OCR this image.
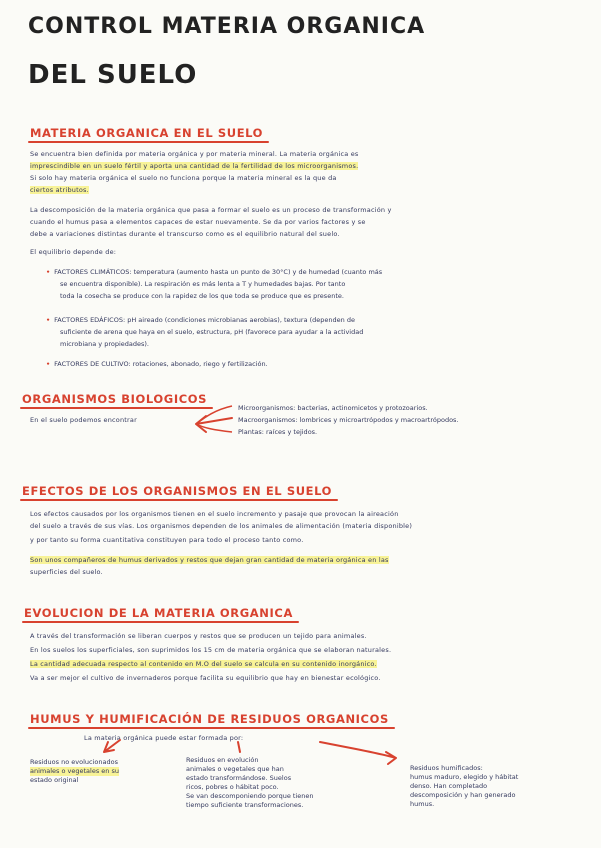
CONTROL MATERIA ORGANICA
DEL SUELO
MATERIA ORGANICA EN EL SUELO
Se encuentra bien definida por materia orgánica y por materia mineral. La materia orgánica es
imprescindible en un suelo fértil y aporta una cantidad de la fertilidad de los microorganismos.
Si solo hay materia orgánica el suelo no funciona porque la materia mineral es la que da
ciertos atributos.
La descomposición de la materia orgánica que pasa a formar el suelo es un proceso de transformación y
cuando el humus pasa a elementos capaces de estar nuevamente. Se da por varios factores y se
debe a variaciones distintas durante el transcurso como es el equilibrio natural del suelo.
El equilibrio depende de:
• FACTORES CLIMÁTICOS: temperatura (aumento hasta un punto de 30°C) y de humedad (cuanto más
se encuentra disponible). La respiración es más lenta a T y humedades bajas. Por tanto
toda la cosecha se produce con la rapidez de los que toda se produce que es presente.
• FACTORES EDÁFICOS: pH aireado (condiciones microbianas aerobias), textura (dependen de
suficiente de arena que haya en el suelo, estructura, pH (favorece para ayudar a la actividad
microbiana y propiedades).
• FACTORES DE CULTIVO: rotaciones, abonado, riego y fertilización.
ORGANISMOS BIOLOGICOS
En el suelo podemos encontrar
Microorganismos: bacterias, actinomicetos y protozoarios.
Macroorganismos: lombrices y microartrópodos y macroartrópodos.
Plantas: raíces y tejidos.
EFECTOS DE LOS ORGANISMOS EN EL SUELO
Los efectos causados por los organismos tienen en el suelo incremento y pasaje que provocan la aireación
del suelo a través de sus vías. Los organismos dependen de los animales de alimentación (materia disponible)
y por tanto su forma cuantitativa constituyen para todo el proceso tanto como.
Son unos compañeros de humus derivados y restos que dejan gran cantidad de materia orgánica en las
superficies del suelo.
EVOLUCION DE LA MATERIA ORGANICA
A través del transformación se liberan cuerpos y restos que se producen un tejido para animales.
En los suelos los superficiales, son suprimidos los 15 cm de materia orgánica que se elaboran naturales.
La cantidad adecuada respecto al contenido en M.O del suelo se calcula en su contenido inorgánico.
Va a ser mejor el cultivo de invernaderos porque facilita su equilibrio que hay en bienestar ecológico.
HUMUS Y HUMIFICACIÓN DE RESIDUOS ORGANICOS
La materia orgánica puede estar formada por:
Residuos no evolucionados
animales o vegetales en su
estado original
Residuos en evolución
animales o vegetales que han
estado transformándose. Suelos
ricos, pobres o hábitat poco.
Se van descomponiendo porque tienen
tiempo suficiente transformaciones.
Residuos humificados:
humus maduro, elegido y hábitat
denso. Han completado
descomposición y han generado
humus.
